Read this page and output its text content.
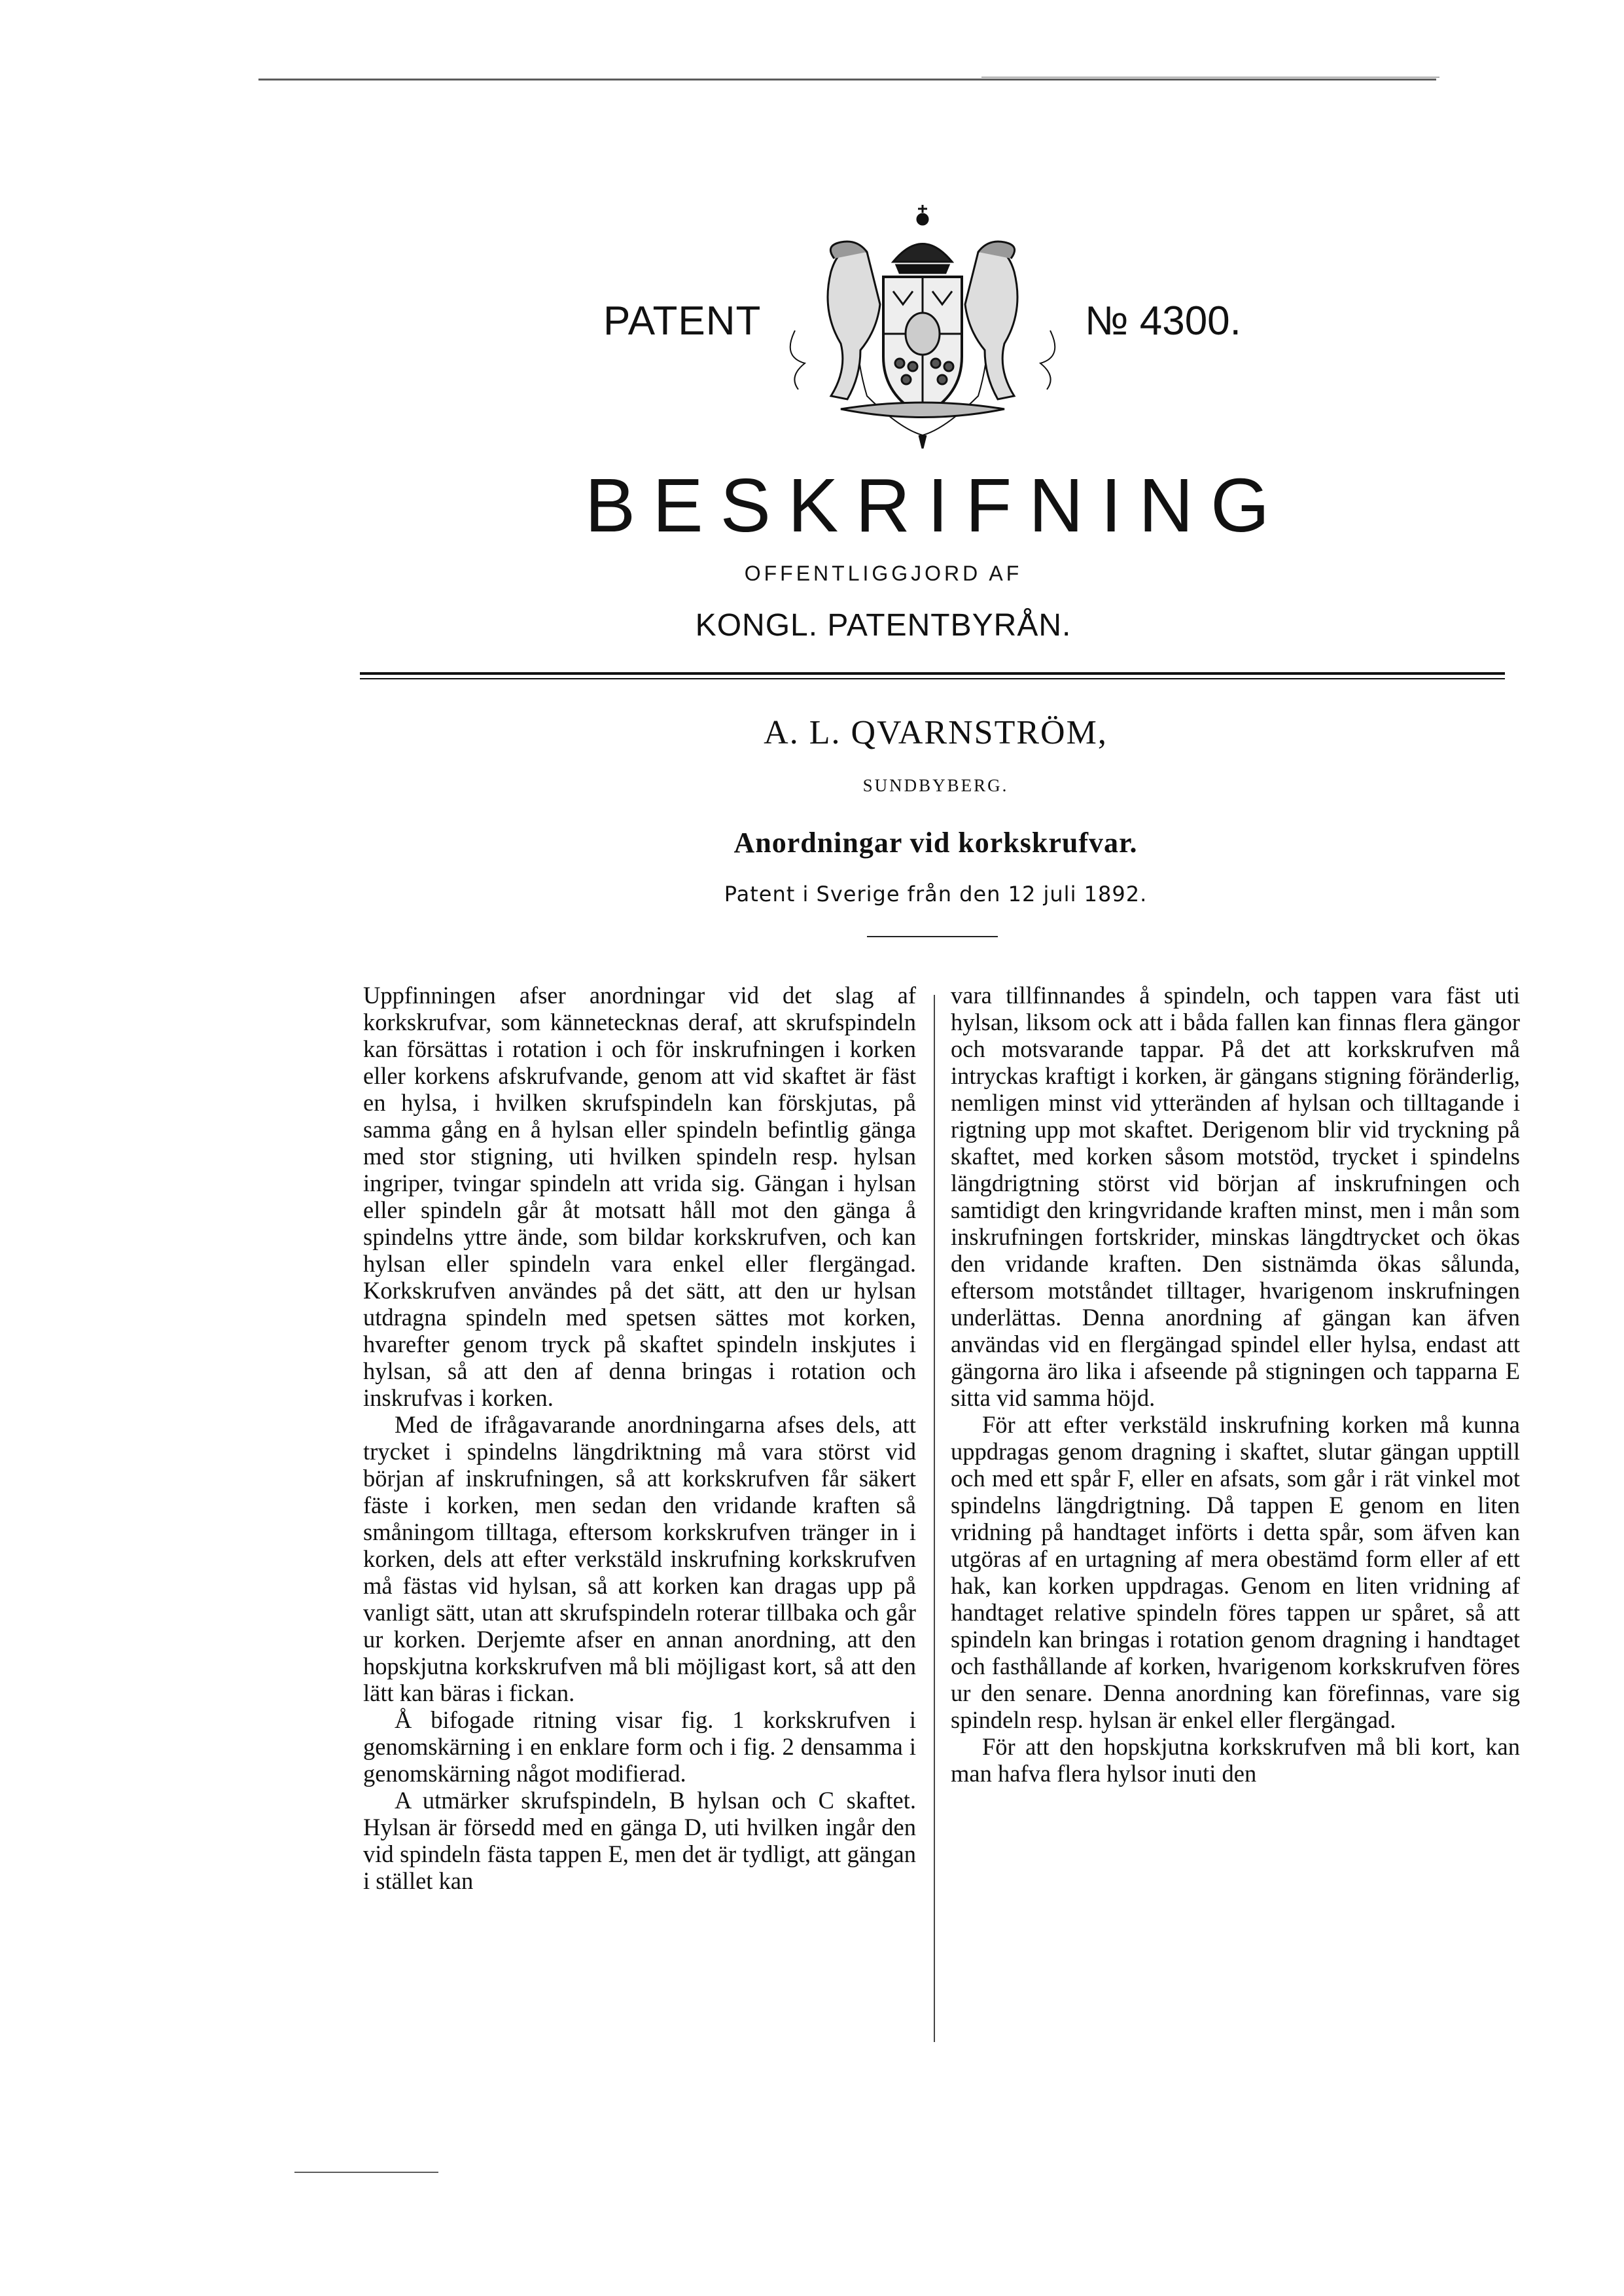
PATENT	№ 4300.
BESKRIFNING
OFFENTLIGGJORD AF
KONGL. PATENTBYRÅN.
A. L. QVARNSTRÖM,
SUNDBYBERG.
Anordningar vid korkskrufvar.
Patent i Sverige från den 12 juli 1892.

Uppfinningen afser anordningar vid det slag af korkskrufvar, som kännetecknas deraf, att skrufspindeln kan försättas i rotation i och för inskrufningen i korken eller korkens afskrufvande, genom att vid skaftet är fäst en hylsa, i hvilken skrufspindeln kan förskjutas, på samma gång en å hylsan eller spindeln befintlig gänga med stor stigning, uti hvilken spindeln resp. hylsan ingriper, tvingar spindeln att vrida sig. Gängan i hylsan eller spindeln går åt motsatt håll mot den gänga å spindelns yttre ände, som bildar korkskrufven, och kan hylsan eller spindeln vara enkel eller flergängad. Korkskrufven användes på det sätt, att den ur hylsan utdragna spindeln med spetsen sättes mot korken, hvarefter genom tryck på skaftet spindeln inskjutes i hylsan, så att den af denna bringas i rotation och inskrufvas i korken.

Med de ifrågavarande anordningarna afses dels, att trycket i spindelns längdriktning må vara störst vid början af inskrufningen, så att korkskrufven får säkert fäste i korken, men sedan den vridande kraften så småningom tilltaga, eftersom korkskrufven tränger in i korken, dels att efter verkstäld inskrufning korkskrufven må fästas vid hylsan, så att korken kan dragas upp på vanligt sätt, utan att skrufspindeln roterar tillbaka och går ur korken. Derjemte afser en annan anordning, att den hopskjutna korkskrufven må bli möjligast kort, så att den lätt kan bäras i fickan.

Å bifogade ritning visar fig. 1 korkskrufven i genomskärning i en enklare form och i fig. 2 densamma i genomskärning något modifierad.

A utmärker skrufspindeln, B hylsan och C skaftet. Hylsan är försedd med en gänga D, uti hvilken ingår den vid spindeln fästa tappen E, men det är tydligt, att gängan i stället kan

vara tillfinnandes å spindeln, och tappen vara fäst uti hylsan, liksom ock att i båda fallen kan finnas flera gängor och motsvarande tappar. På det att korkskrufven må intryckas kraftigt i korken, är gängans stigning föränderlig, nemligen minst vid ytteränden af hylsan och tilltagande i rigtning upp mot skaftet. Derigenom blir vid tryckning på skaftet, med korken såsom motstöd, trycket i spindelns längdrigtning störst vid början af inskrufningen och samtidigt den kringvridande kraften minst, men i mån som inskrufningen fortskrider, minskas längdtrycket och ökas den vridande kraften. Den sistnämda ökas sålunda, eftersom motståndet tilltager, hvarigenom inskrufningen underlättas. Denna anordning af gängan kan äfven användas vid en flergängad spindel eller hylsa, endast att gängorna äro lika i afseende på stigningen och tapparna E sitta vid samma höjd.

För att efter verkstäld inskrufning korken må kunna uppdragas genom dragning i skaftet, slutar gängan upptill och med ett spår F, eller en afsats, som går i rät vinkel mot spindelns längdrigtning. Då tappen E genom en liten vridning på handtaget införts i detta spår, som äfven kan utgöras af en urtagning af mera obestämd form eller af ett hak, kan korken uppdragas. Genom en liten vridning af handtaget relative spindeln föres tappen ur spåret, så att spindeln kan bringas i rotation genom dragning i handtaget och fasthållande af korken, hvarigenom korkskrufven föres ur den senare. Denna anordning kan förefinnas, vare sig spindeln resp. hylsan är enkel eller flergängad.

För att den hopskjutna korkskrufven må bli kort, kan man hafva flera hylsor inuti den
